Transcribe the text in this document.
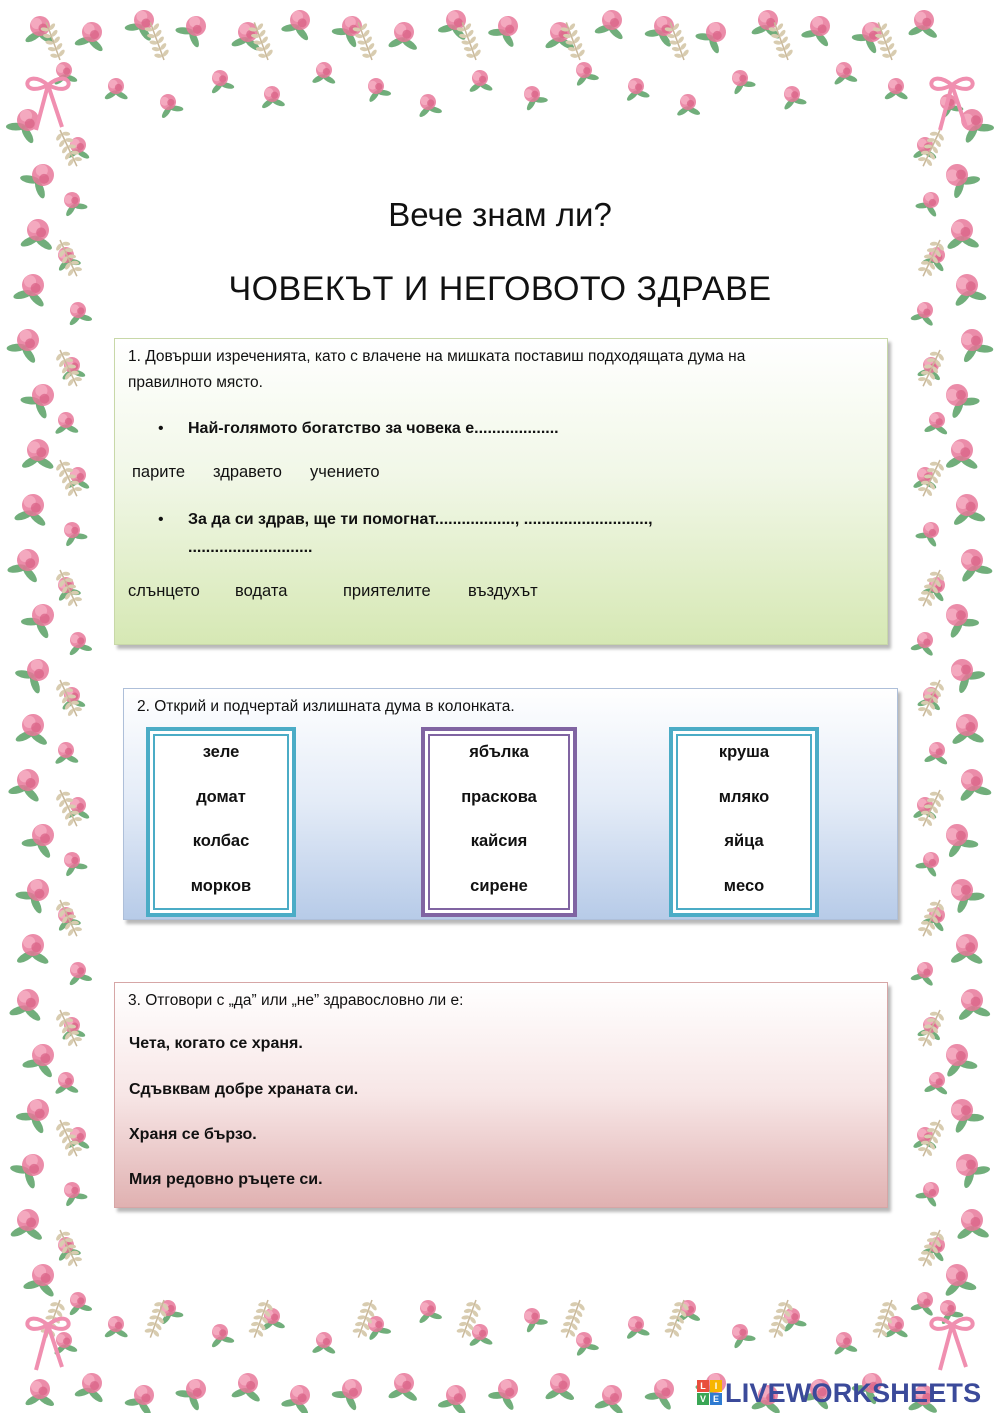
Вече знам ли?
ЧОВЕКЪТ И НЕГОВОТО ЗДРАВЕ
1. Довърши изреченията, като с влачене на мишката поставиш подходящата дума на правилното място.
• Най-голямото богатство за човека е...................
парите здравето учението
• За да си здрав, ще ти помогнат.................., ............................,
............................
слънцето водата	приятелите въздухът
2. Открий и подчертай излишната дума в колонката.
зеле
домат
колбас
морков
ябълка
праскова
кайсия
сирене
круша
мляко
яйца
месо
3. Отговори с „да” или „не” здравословно ли е:
Чета, когато се храня.
Сдъвквам добре храната си.
Храня се бързо.
Мия редовно ръцете си.
L I
V E LIVEWORKSHEETS
